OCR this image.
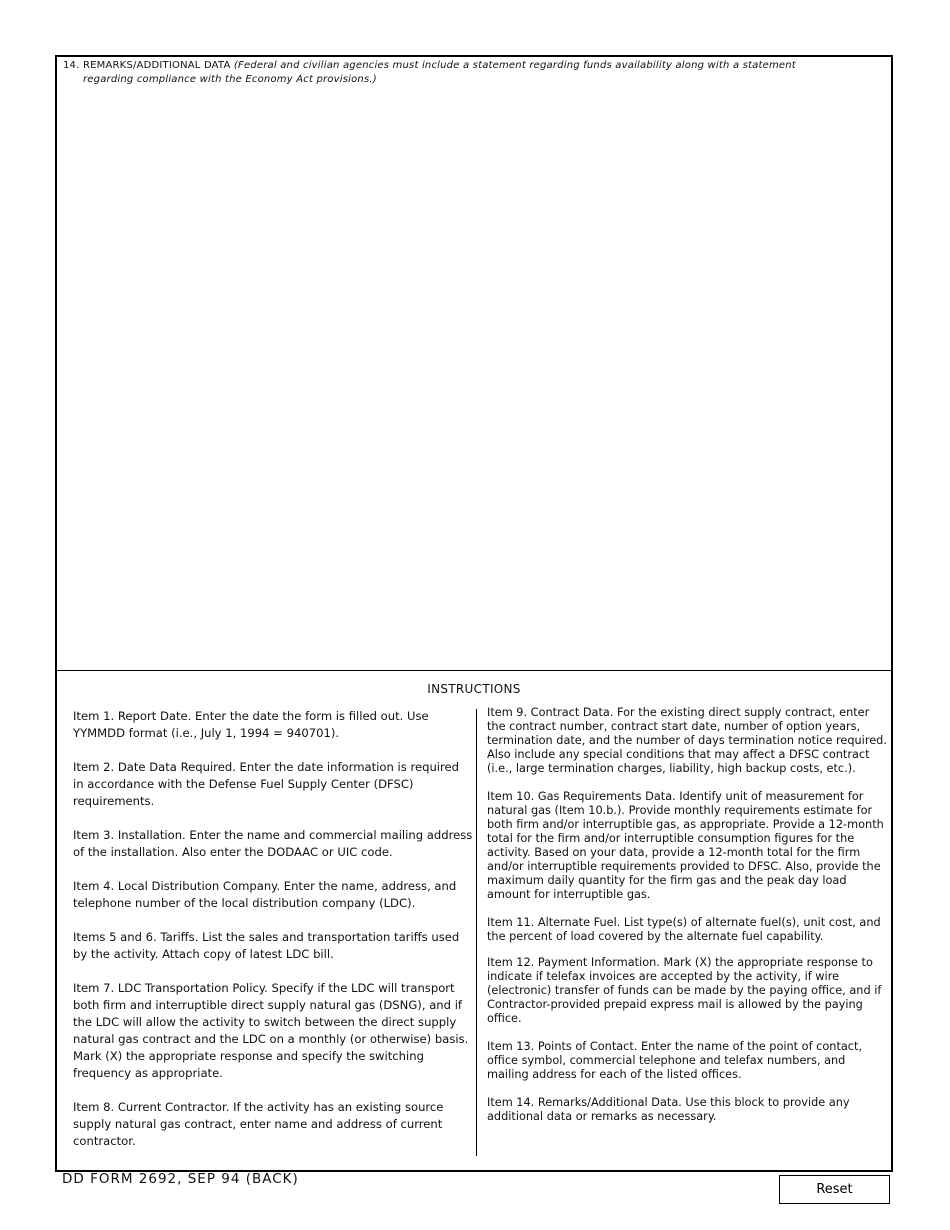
14. REMARKS/ADDITIONAL DATA (Federal and civilian agencies must include a statement regarding funds availability along with a statement regarding compliance with the Economy Act provisions.)
INSTRUCTIONS

Item 1. Report Date. Enter the date the form is filled out. Use YYMMDD format (i.e., July 1, 1994 = 940701).

Item 2. Date Data Required. Enter the date information is required in accordance with the Defense Fuel Supply Center (DFSC) requirements.

Item 3. Installation. Enter the name and commercial mailing address of the installation. Also enter the DODAAC or UIC code.

Item 4. Local Distribution Company. Enter the name, address, and telephone number of the local distribution company (LDC).

Items 5 and 6. Tariffs. List the sales and transportation tariffs used by the activity. Attach copy of latest LDC bill.

Item 7. LDC Transportation Policy. Specify if the LDC will transport both firm and interruptible direct supply natural gas (DSNG), and if the LDC will allow the activity to switch between the direct supply natural gas contract and the LDC on a monthly (or otherwise) basis. Mark (X) the appropriate response and specify the switching frequency as appropriate.

Item 8. Current Contractor. If the activity has an existing source supply natural gas contract, enter name and address of current contractor.

Item 9. Contract Data. For the existing direct supply contract, enter the contract number, contract start date, number of option years, termination date, and the number of days termination notice required. Also include any special conditions that may affect a DFSC contract (i.e., large termination charges, liability, high backup costs, etc.).

Item 10. Gas Requirements Data. Identify unit of measurement for natural gas (Item 10.b.). Provide monthly requirements estimate for both firm and/or interruptible gas, as appropriate. Provide a 12-month total for the firm and/or interruptible consumption figures for the activity. Based on your data, provide a 12-month total for the firm and/or interruptible requirements provided to DFSC. Also, provide the maximum daily quantity for the firm gas and the peak day load amount for interruptible gas.

Item 11. Alternate Fuel. List type(s) of alternate fuel(s), unit cost, and the percent of load covered by the alternate fuel capability.

Item 12. Payment Information. Mark (X) the appropriate response to indicate if telefax invoices are accepted by the activity, if wire (electronic) transfer of funds can be made by the paying office, and if Contractor-provided prepaid express mail is allowed by the paying office.

Item 13. Points of Contact. Enter the name of the point of contact, office symbol, commercial telephone and telefax numbers, and mailing address for each of the listed offices.

Item 14. Remarks/Additional Data. Use this block to provide any additional data or remarks as necessary.

DD FORM 2692, SEP 94 (BACK)
Reset
